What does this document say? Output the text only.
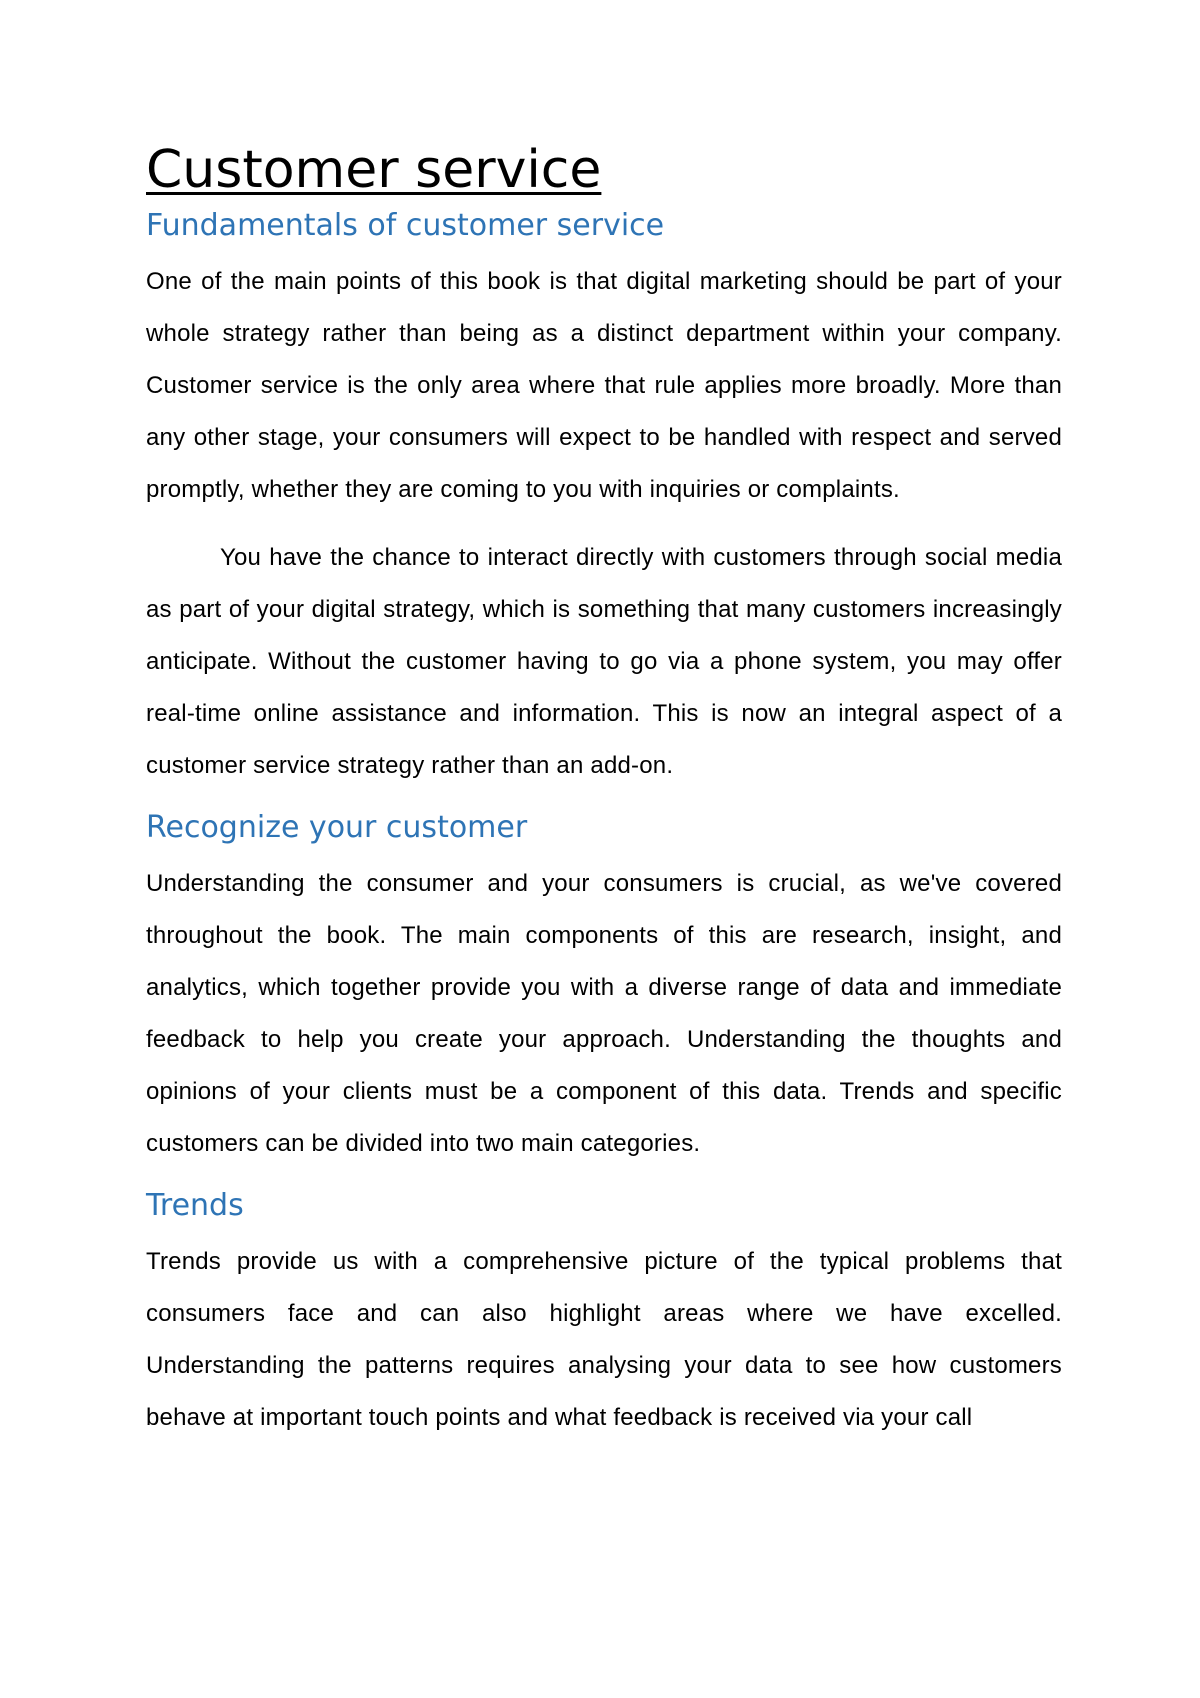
Customer service
Fundamentals of customer service

One of the main points of this book is that digital marketing should be part of your whole strategy rather than being as a distinct department within your company. Customer service is the only area where that rule applies more broadly. More than any other stage, your consumers will expect to be handled with respect and served promptly, whether they are coming to you with inquiries or complaints.

You have the chance to interact directly with customers through social media as part of your digital strategy, which is something that many customers increasingly anticipate. Without the customer having to go via a phone system, you may offer real-time online assistance and information. This is now an integral aspect of a customer service strategy rather than an add-on.

Recognize your customer

Understanding the consumer and your consumers is crucial, as we've covered throughout the book. The main components of this are research, insight, and analytics, which together provide you with a diverse range of data and immediate feedback to help you create your approach. Understanding the thoughts and opinions of your clients must be a component of this data. Trends and specific customers can be divided into two main categories.

Trends

Trends provide us with a comprehensive picture of the typical problems that consumers face and can also highlight areas where we have excelled. Understanding the patterns requires analysing your data to see how customers behave at important touch points and what feedback is received via your call
